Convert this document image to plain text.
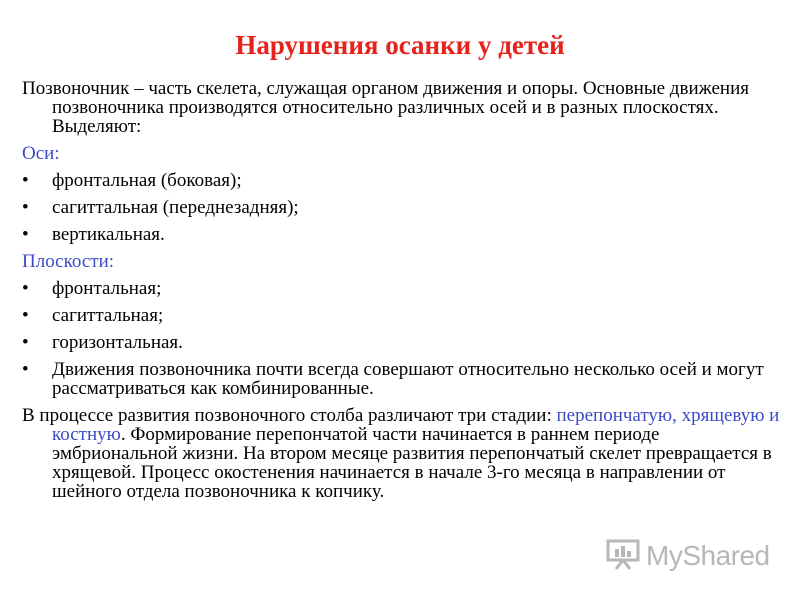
Нарушения осанки у детей

Позвоночник – часть скелета, служащая органом движения и опоры. Основные движения позвоночника производятся относительно различных осей и в разных плоскостях. Выделяют:

Оси:

• фронтальная (боковая);
• сагиттальная (переднезадняя);
• вертикальная.

Плоскости:

• фронтальная;
• сагиттальная;
• горизонтальная.
• Движения позвоночника почти всегда совершают относительно несколько осей и могут рассматриваться как комбинированные.

В процессе развития позвоночного столба различают три стадии: перепончатую, хрящевую и костную. Формирование перепончатой части начинается в раннем периоде эмбриональной жизни. На втором месяце развития перепончатый скелет превращается в хрящевой. Процесс окостенения начинается в начале 3-го месяца в направлении от шейного отдела позвоночника к копчику.

MyShared
